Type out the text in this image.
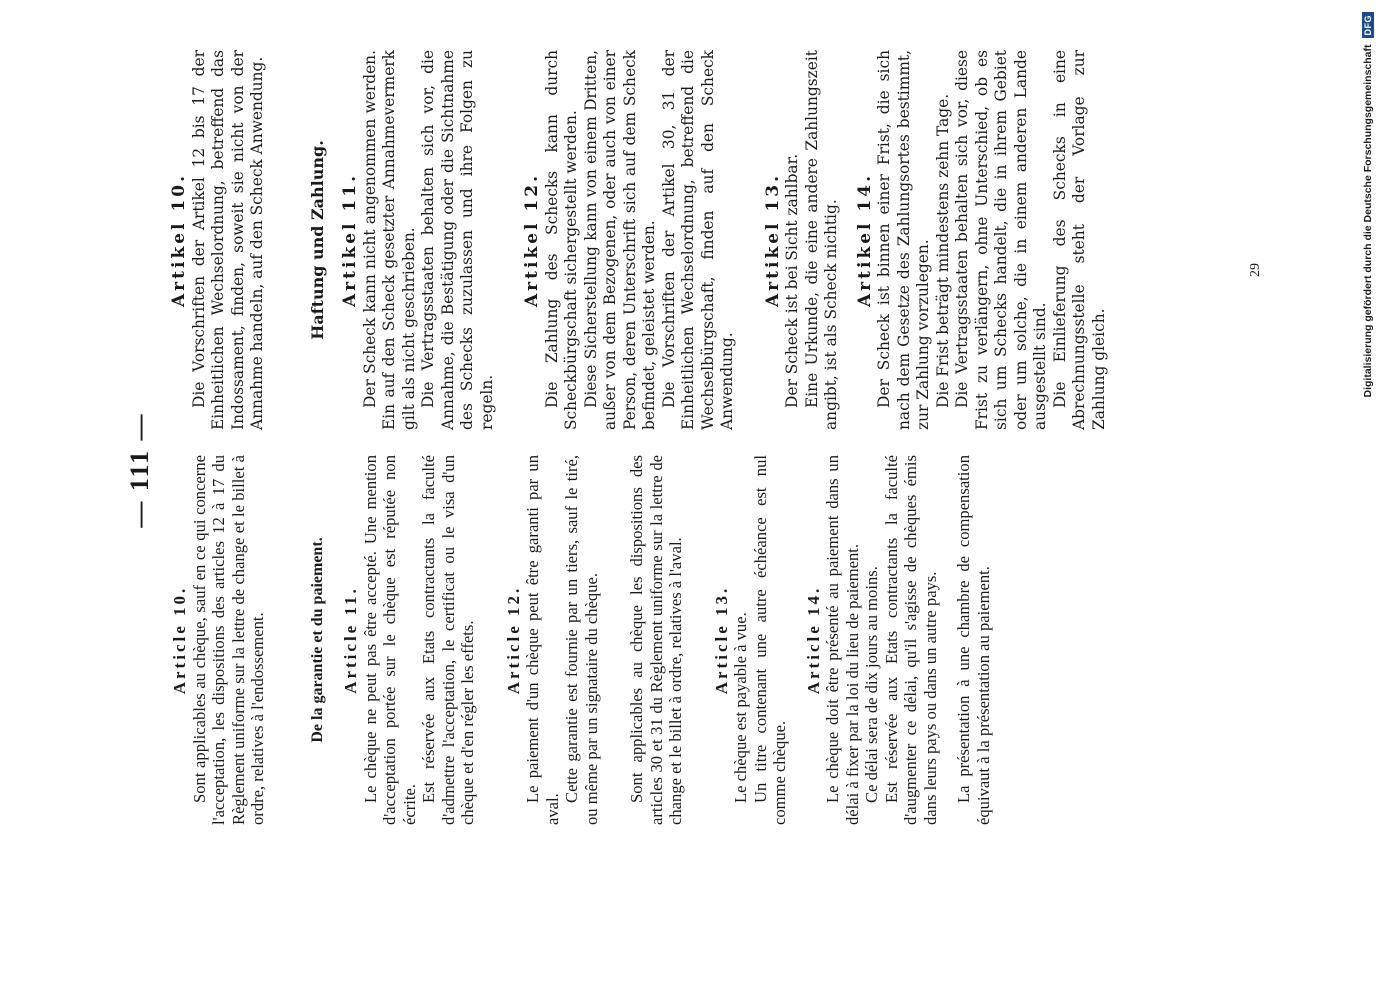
— 111 —
Article 10. Sont applicables au chèque, sauf en ce qui concerne l'acceptation, les dispositions des articles 12 à 17 du Règlement uniforme sur la lettre de change et le billet à ordre, relatives à l'endossement.	De la garantie et du paiement. Article 11. Le chèque ne peut pas être accepté. Une mention d'acceptation portée sur le chèque est réputée non écrite.

Est réservée aux Etats contractants la faculté d'admettre l'acceptation, le certificat ou le visa d'un chèque et d'en régler les effets. Article 12. Le paiement d'un chèque peut être garanti par un aval.

Cette garantie est fournie par un tiers, sauf le tiré, ou même par un signataire du chèque. Sont applicables au chèque les dispositions des articles 30 et 31 du Règlement uniforme sur la lettre de change et le billet à ordre, relatives à l'aval. Article 13. Le chèque est payable à vue. Un titre contenant une autre échéance est nul comme chèque.

Article 14. Le chèque doit être présenté au paiement dans un délai à fixer par la loi du lieu de paiement. Ce délai sera de dix jours au moins. Est réservée aux Etats contractants la faculté d'augmenter ce délai, qu'il s'agisse de chèques émis dans leurs pays ou dans un autre pays. La présentation à une chambre de compensation équivaut à la présentation au paiement.

Artikel 10. Die Vorschriften der Artikel 12 bis 17 der Einheitlichen Wechselordnung, betreffend das Indossament, finden, soweit sie nicht von der Annahme handeln, auf den Scheck Anwendung.	Haftung und Zahlung. Artikel 11. Der Scheck kann nicht angenommen werden. Ein auf den Scheck gesetzter Annahmevermerk gilt als nicht geschrieben. Die Vertragsstaaten behalten sich vor, die Annahme, die Bestätigung oder die Sichtnahme des Schecks zuzulassen und ihre Folgen zu regeln.

Artikel 12. Die Zahlung des Schecks kann durch Scheckbürgschaft sichergestellt werden. Diese Sicherstellung kann von einem Dritten, außer von dem Bezogenen, oder auch von einer Person, deren Unterschrift sich auf dem Scheck befindet, geleistet werden. Die Vorschriften der Artikel 30, 31 der Einheitlichen Wechselordnung, betreffend die Wechselbürgschaft, finden auf den Scheck Anwendung.

Artikel 13. Der Scheck ist bei Sicht zahlbar. Eine Urkunde, die eine andere Zahlungszeit angibt, ist als Scheck nichtig. Artikel 14. Der Scheck ist binnen einer Frist, die sich nach dem Gesetze des Zahlungsortes bestimmt, zur Zahlung vorzulegen. Die Frist beträgt mindestens zehn Tage. Die Vertragsstaaten behalten sich vor, diese Frist zu verlängern, ohne Unterschied, ob es sich um Schecks handelt, die in ihrem Gebiet oder um solche, die in einem anderen Lande ausgestellt sind. Die Einlieferung des Schecks in eine Abrechnungsstelle steht der Vorlage zur Zahlung gleich.

29	Digitalisierung gefördert durch die Deutsche Forschungsgemeinschaft
DFG
